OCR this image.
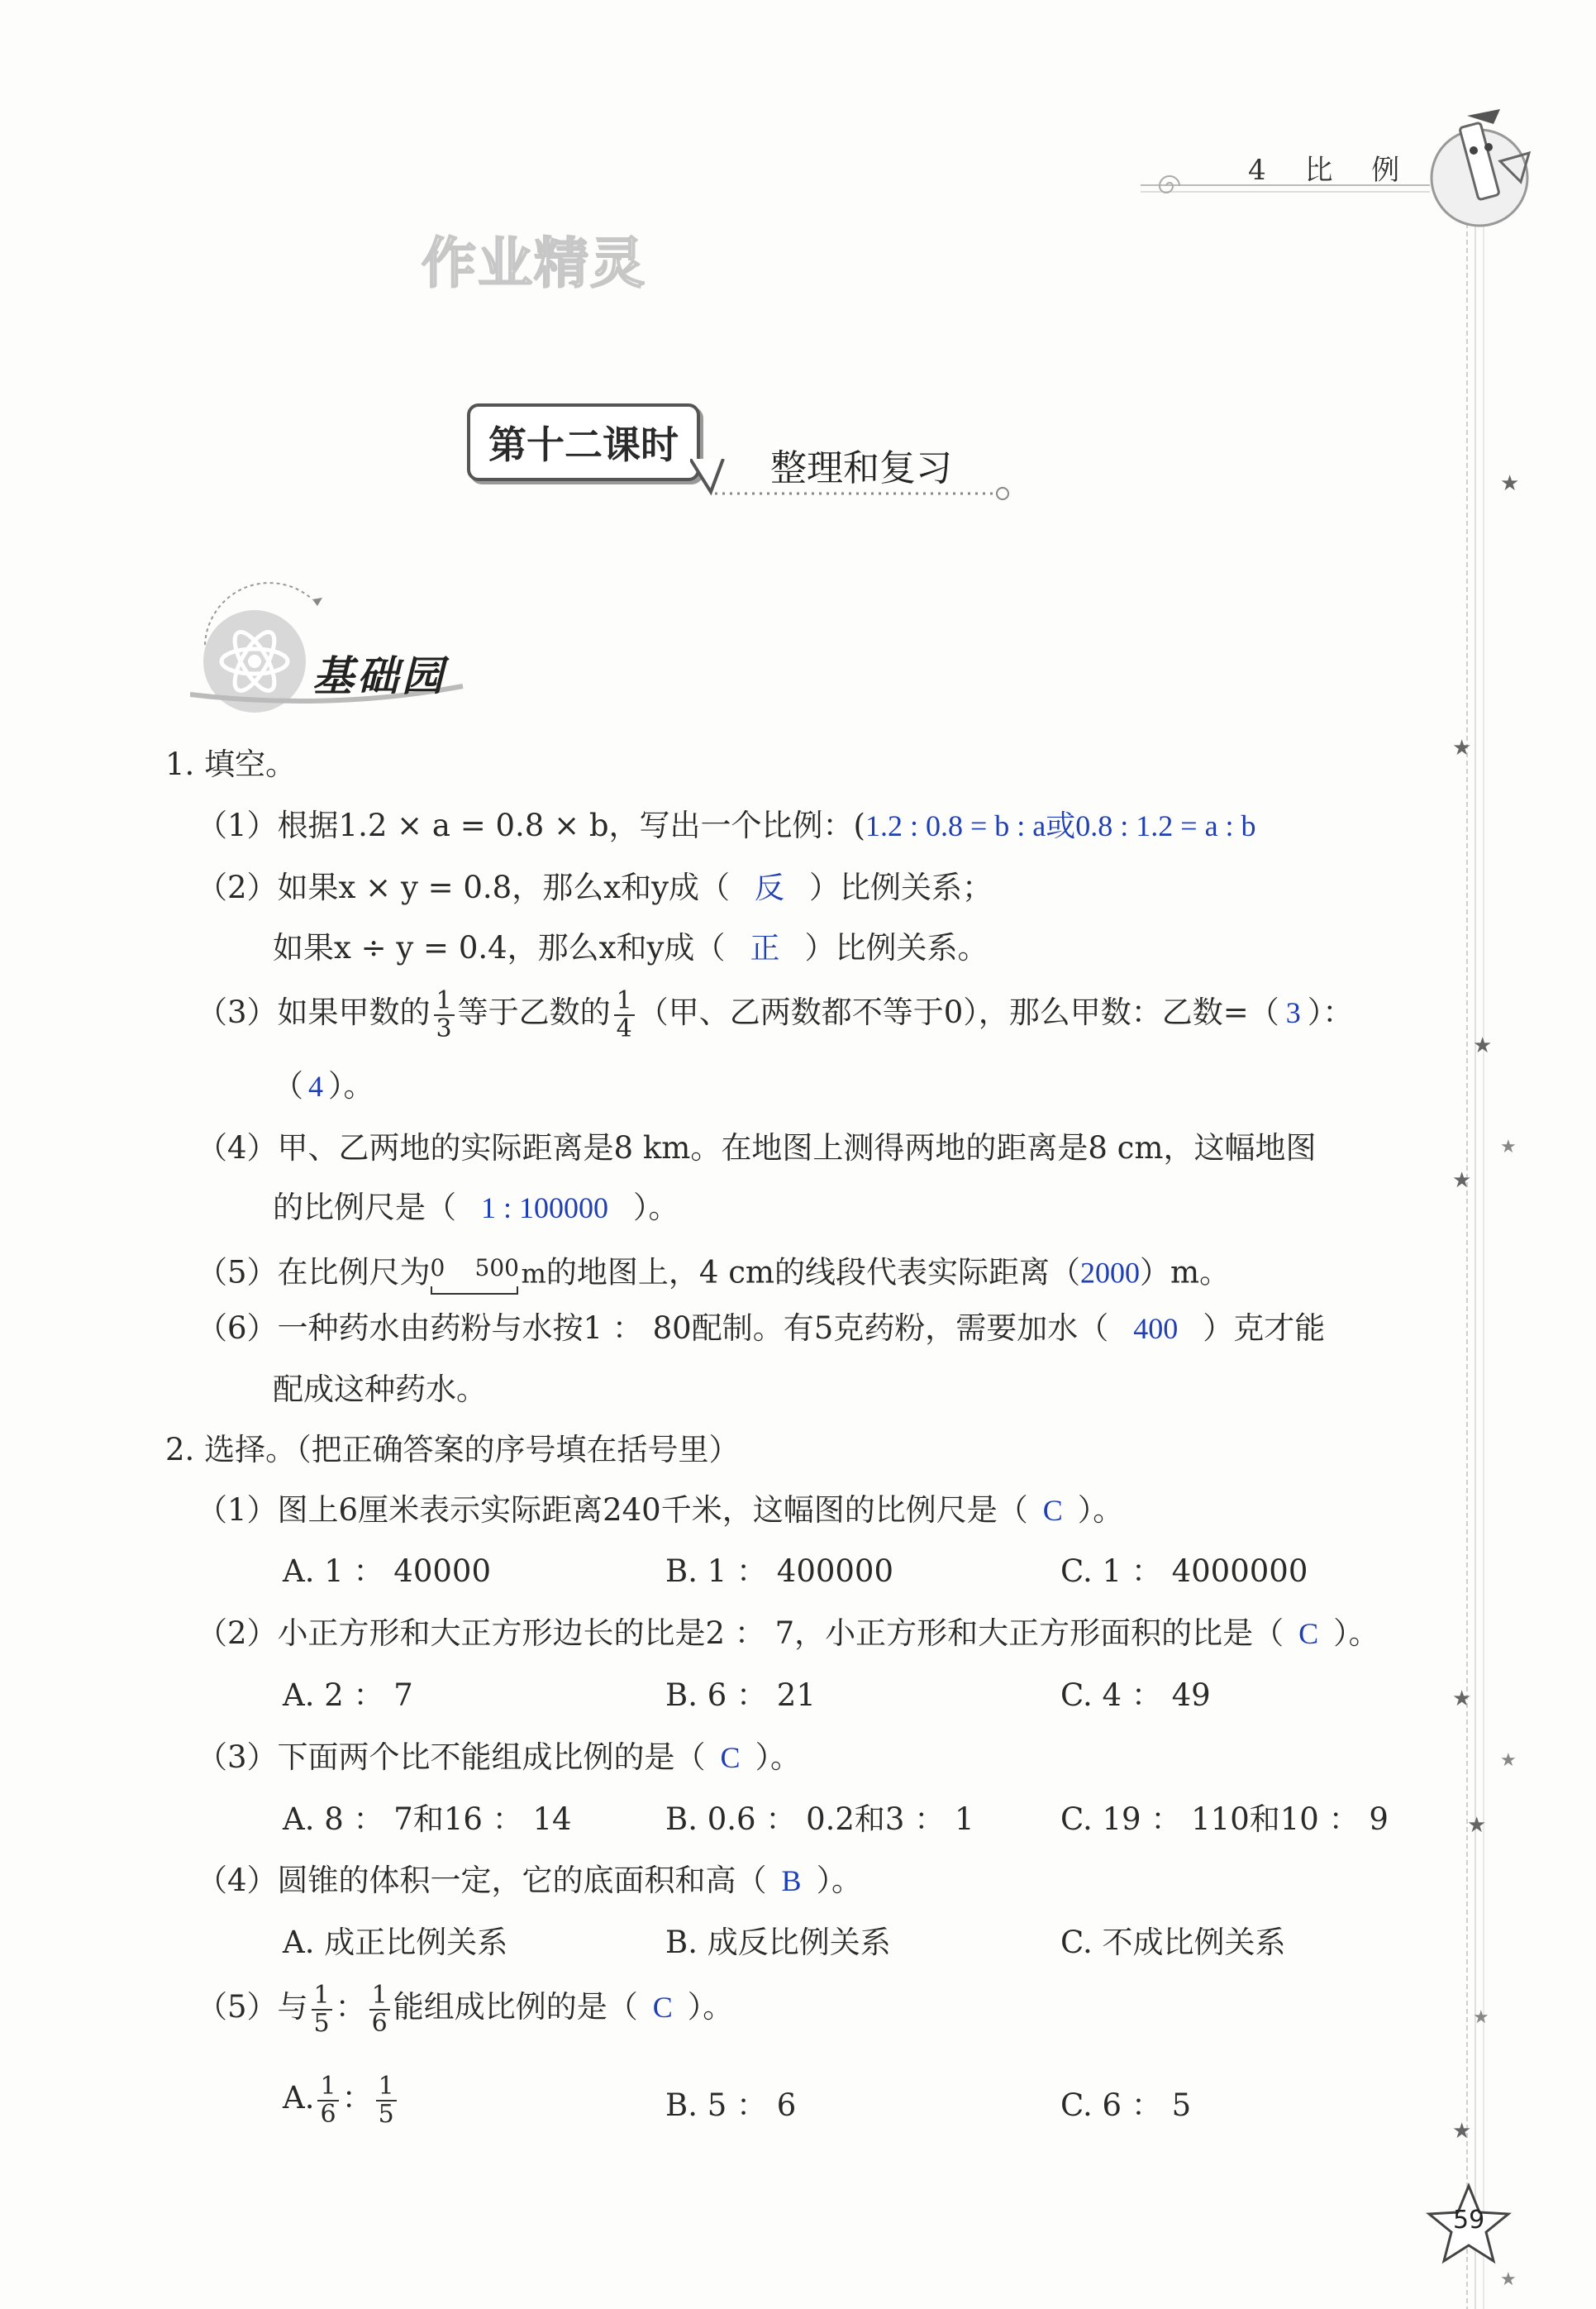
4 比 例
作业精灵
第十二课时
整理和复习
基础园
1. 填空。
（1）根据1.2 × a = 0.8 × b，写出一个比例：(1.2 : 0.8 = b : a或0.8 : 1.2 = a : b
（2）如果x × y = 0.8，那么x和y成（ 反 ）比例关系；
如果x ÷ y = 0.4，那么x和y成（ 正 ）比例关系。
（3）如果甲数的 $\frac{1}{3}$ 等于乙数的 $\frac{1}{4}$ （甲、乙两数都不等于0），那么甲数：乙数=（ 3 ）：
（ 4 ）。
（4）甲、乙两地的实际距离是8 km。在地图上测得两地的距离是8 cm，这幅地图
的比例尺是（ 1 : 100000 ）。
（5）在比例尺为 0 500 m的地图上，4 cm的线段代表实际距离（2000）m。
（6）一种药水由药粉与水按1 ： 80配制。有5克药粉，需要加水（ 400 ）克才能
配成这种药水。
2. 选择。（把正确答案的序号填在括号里）
（1）图上6厘米表示实际距离240千米，这幅图的比例尺是（ C ）。
A. 1 ： 40000	B. 1 ： 400000	C. 1 ： 4000000
（2）小正方形和大正方形边长的比是2 ： 7，小正方形和大正方形面积的比是（ C ）。
A. 2 ： 7	B. 6 ： 21	C. 4 ： 49
（3）下面两个比不能组成比例的是（ C ）。
A. 8 ： 7和16 ： 14	B. 0.6 ： 0.2和3 ： 1	C. 19 ： 110和10 ： 9
（4）圆锥的体积一定，它的底面积和高（ B ）。
A. 成正比例关系	B. 成反比例关系	C. 不成比例关系
（5）与 $\frac{1}{5}$ ： $\frac{1}{6}$ 能组成比例的是（ C ）。
A. $\frac{1}{6}$ ： $\frac{1}{5}$	B. 5 ： 6	C. 6 ： 5
★
★
★
★
★
★
★
★
★
★
★
59
